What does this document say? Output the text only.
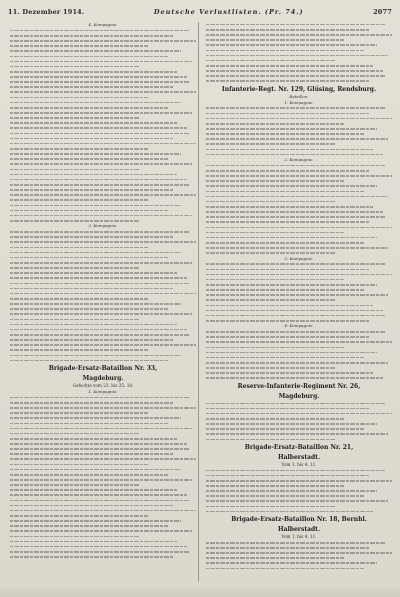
11. Dezember 1914.	Deutsche Verlustlisten. (Pr. 74.)	2077
4. Kompagnie.
3. Kompagnie.
Brigade-Ersatz-Bataillon Nr. 33,
Magdeburg.
Gefechte vom 23. bis 25. 10.
1. Kompagnie.
Infanterie-Regt. Nr. 129, Glüsing, Rendsburg.
Bataillon.
1. Kompagnie.
2. Kompagnie.
3. Kompagnie.
4. Kompagnie.
Reserve-Infanterie-Regiment Nr. 26,
Magdeburg.
Brigade-Ersatz-Bataillon Nr. 21,
Halberstadt.
Vom 1. bis 4. 11.
Brigade-Ersatz-Bataillon Nr. 18, Bernhl.
Halberstadt.
Vom 1. bis 4. 11.
